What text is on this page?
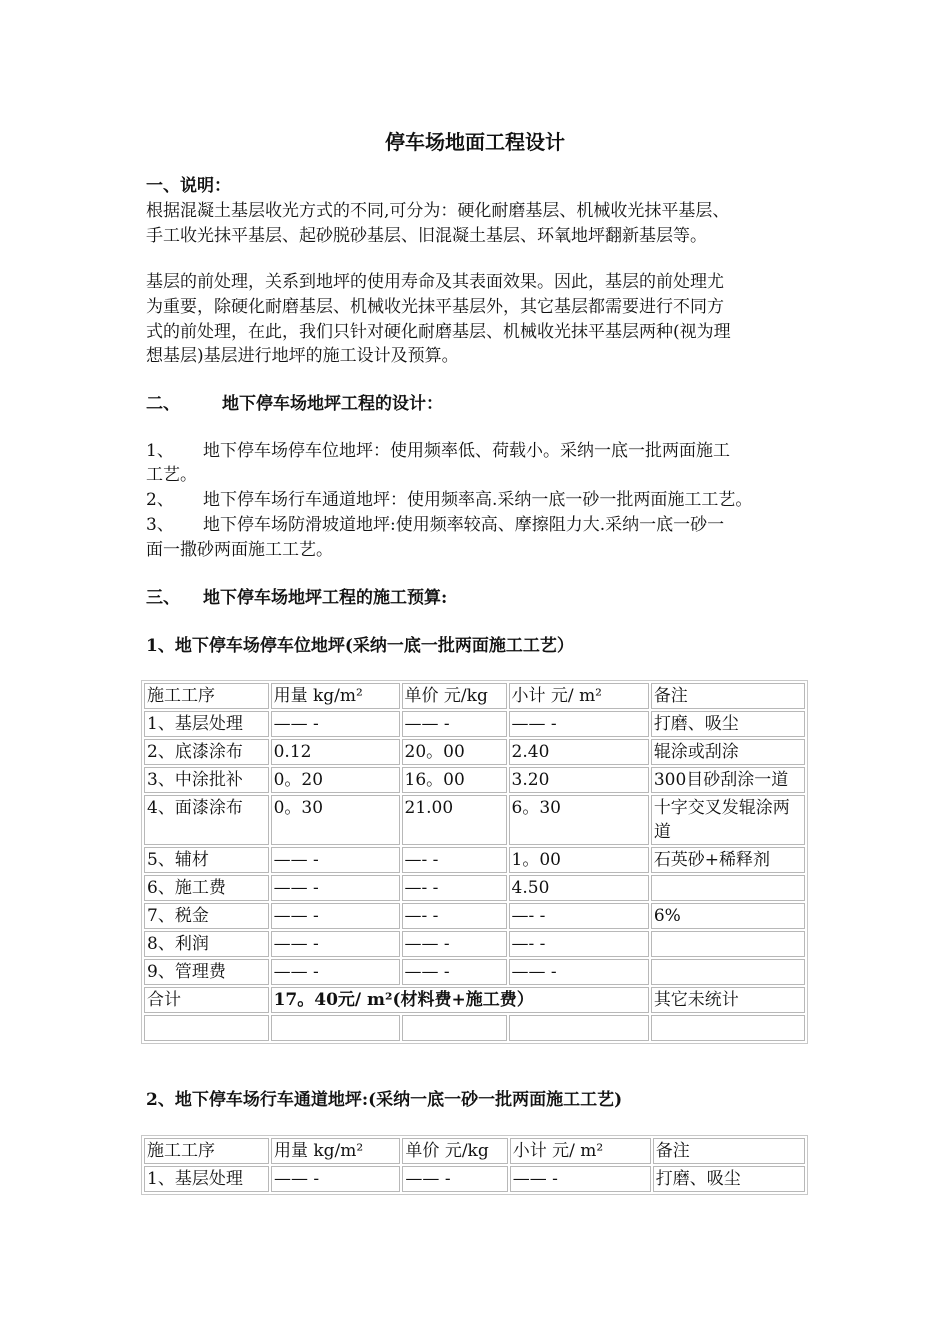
停车场地面工程设计
一、说明：
根据混凝土基层收光方式的不同,可分为：硬化耐磨基层、机械收光抹平基层、
手工收光抹平基层、起砂脱砂基层、旧混凝土基层、环氧地坪翻新基层等。
基层的前处理，关系到地坪的使用寿命及其表面效果。因此，基层的前处理尤
为重要，除硬化耐磨基层、机械收光抹平基层外，其它基层都需要进行不同方
式的前处理，在此，我们只针对硬化耐磨基层、机械收光抹平基层两种(视为理
想基层)基层进行地坪的施工设计及预算。
二、 地下停车场地坪工程的设计：
1、 地下停车场停车位地坪：使用频率低、荷载小。采纳一底一批两面施工
工艺。
2、 地下停车场行车通道地坪：使用频率高.采纳一底一砂一批两面施工工艺。
3、 地下停车场防滑坡道地坪:使用频率较高、摩擦阻力大.采纳一底一砂一
面一撒砂两面施工工艺。
三、 地下停车场地坪工程的施工预算:
1、地下停车场停车位地坪(采纳一底一批两面施工工艺）
施工工序	用量 kg/m²	单价 元/kg	小计 元/ m²	备注
1、基层处理	—— -	—— -	—— -	打磨、吸尘
2、底漆涂布	0.12	20。00	2.40	辊涂或刮涂
3、中涂批补	0。20	16。00	3.20	300目砂刮涂一道
4、面漆涂布	0。30	21.00	6。30	十字交叉发辊涂两道
5、辅材	—— -	—- -	1。00	石英砂+稀释剂
6、施工费	—— -	—- -	4.50	
7、税金	—— -	—- -	—- -	6%
8、利润	—— -	—— -	—- -	
9、管理费	—— -	—— -	—— -	
合计	17。40元/ m²(材料费+施工费）			其它未统计

2、地下停车场行车通道地坪:(采纳一底一砂一批两面施工工艺)
施工工序	用量 kg/m²	单价 元/kg	小计 元/ m²	备注
1、基层处理	—— -	—— -	—— -	打磨、吸尘
